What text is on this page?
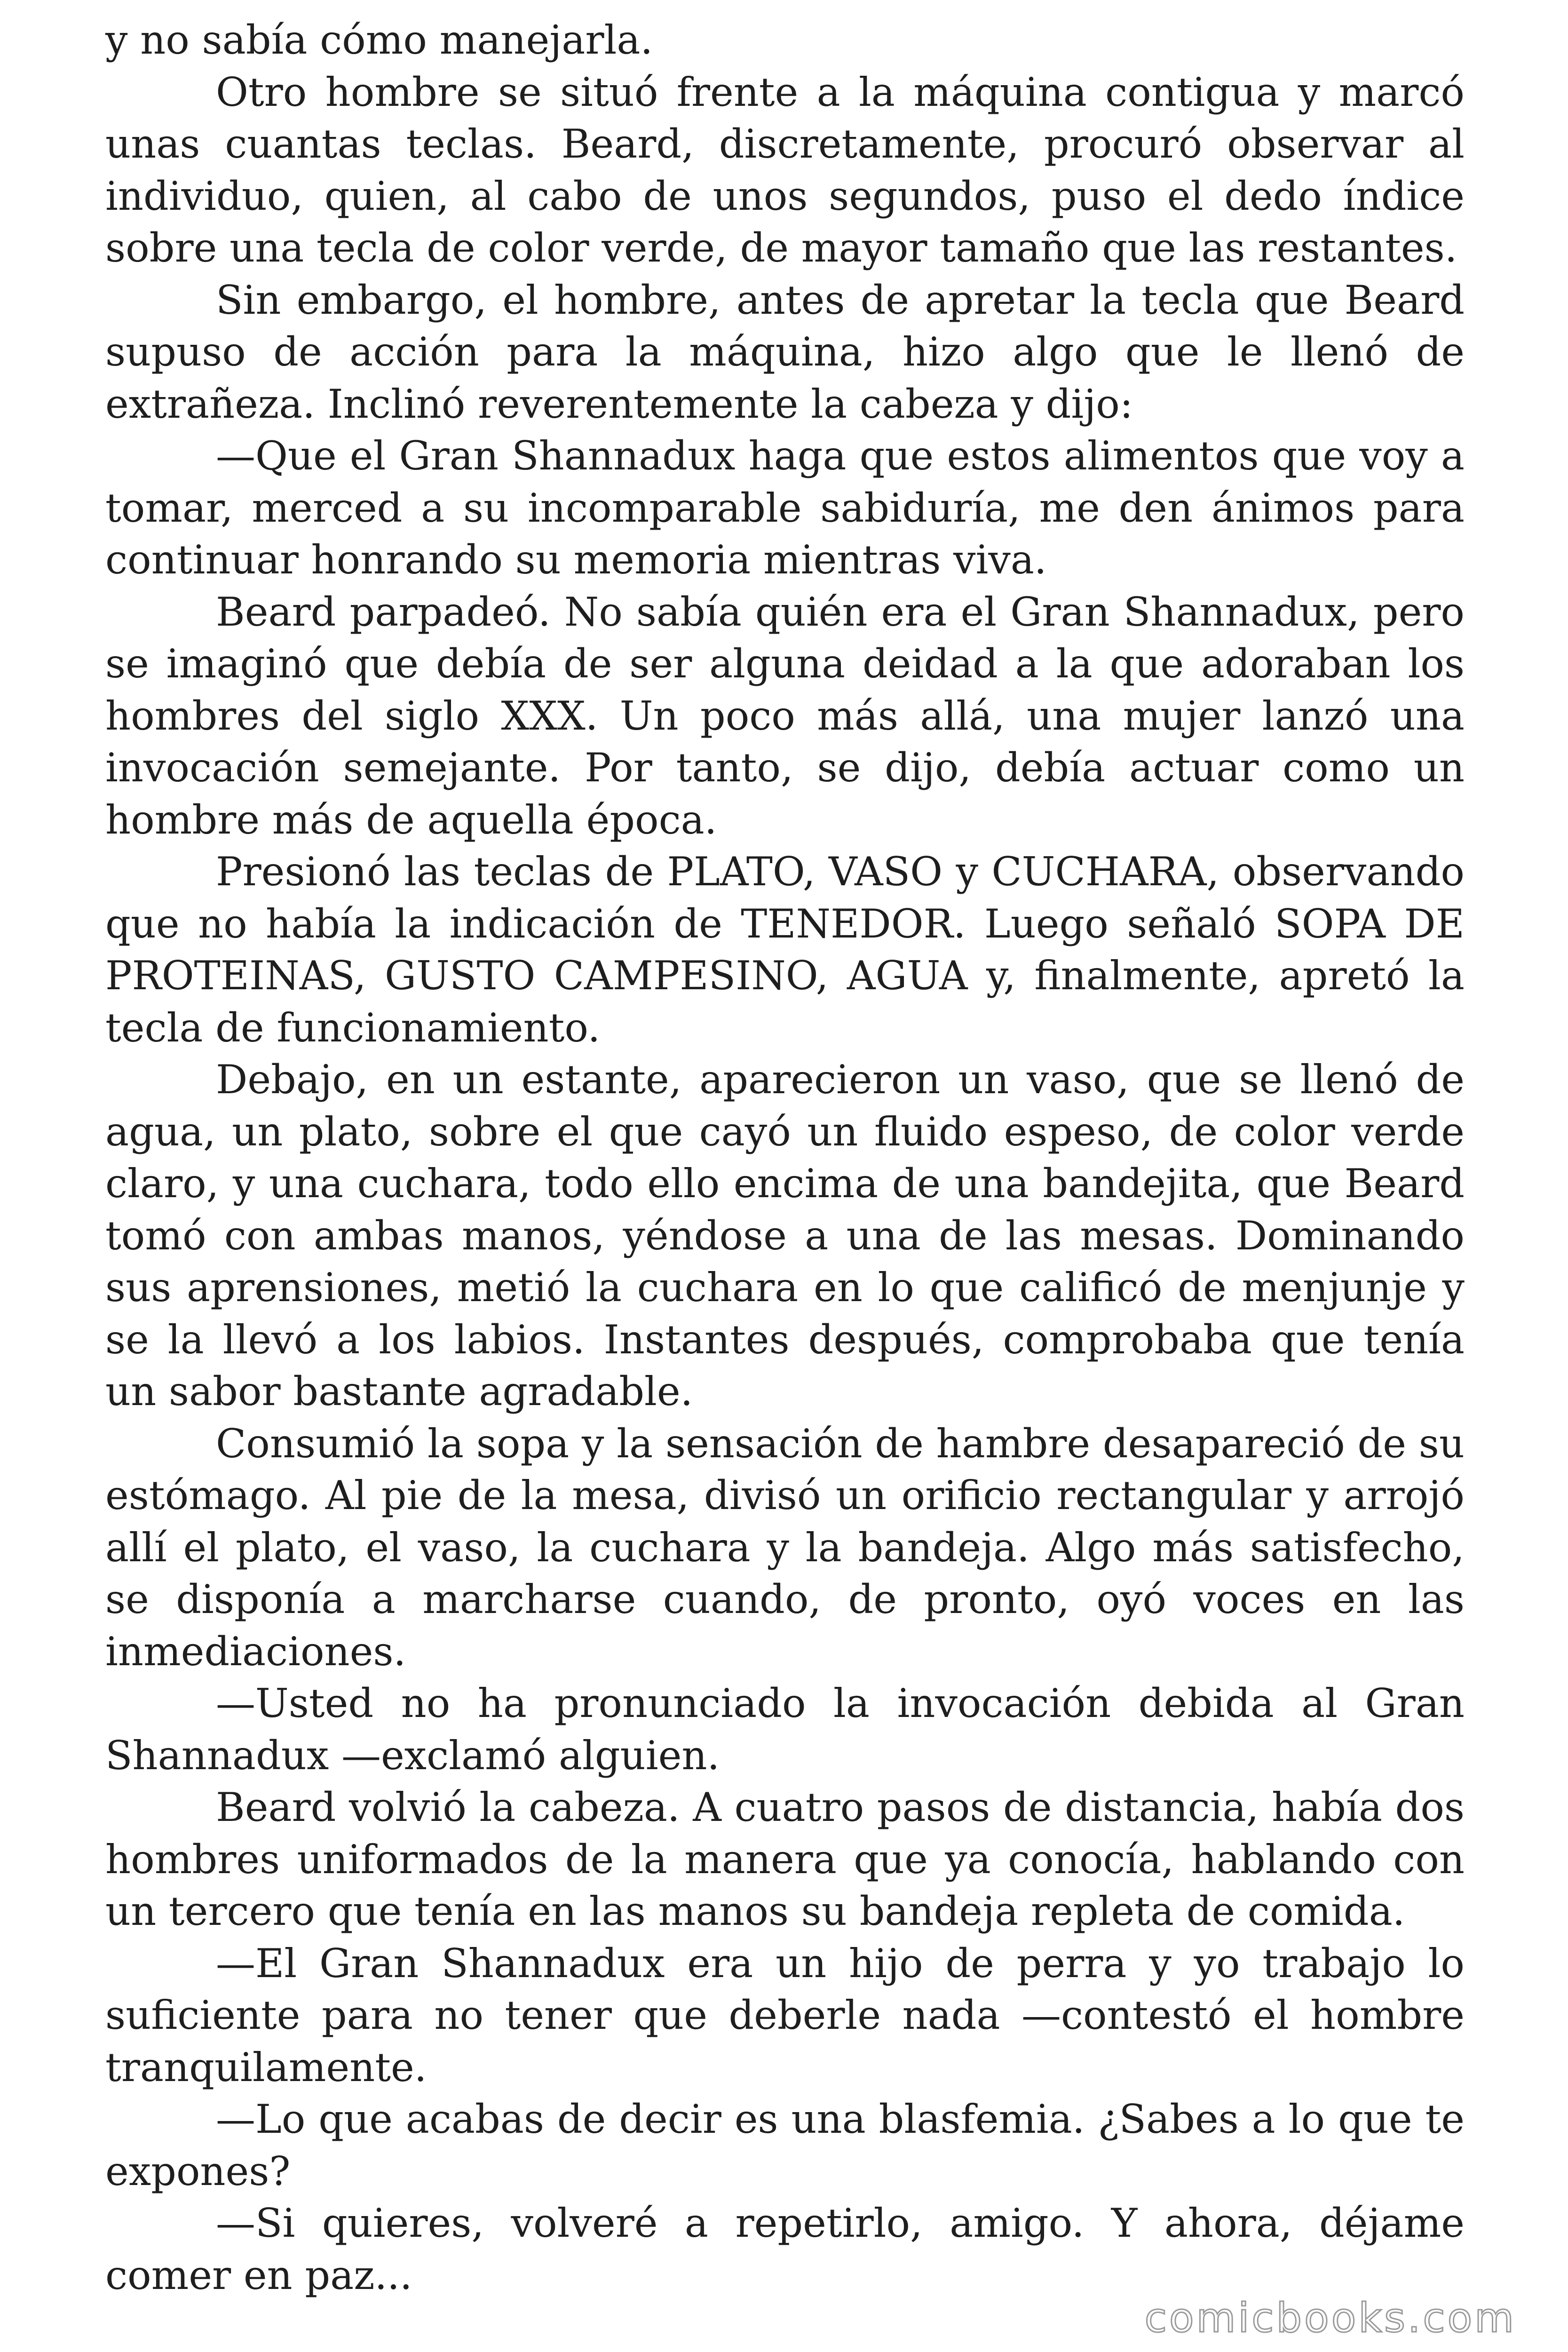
y no sabía cómo manejarla.

Otro hombre se situó frente a la máquina contigua y marcó unas cuantas teclas. Beard, discretamente, procuró observar al individuo, quien, al cabo de unos segundos, puso el dedo índice sobre una tecla de color verde, de mayor tamaño que las restantes.

Sin embargo, el hombre, antes de apretar la tecla que Beard supuso de acción para la máquina, hizo algo que le llenó de extrañeza. Inclinó reverentemente la cabeza y dijo:

—Que el Gran Shannadux haga que estos alimentos que voy a tomar, merced a su incomparable sabiduría, me den ánimos para continuar honrando su memoria mientras viva.

Beard parpadeó. No sabía quién era el Gran Shannadux, pero se imaginó que debía de ser alguna deidad a la que adoraban los hombres del siglo XXX. Un poco más allá, una mujer lanzó una invocación semejante. Por tanto, se dijo, debía actuar como un hombre más de aquella época.

Presionó las teclas de PLATO, VASO y CUCHARA, observando que no había la indicación de TENEDOR. Luego señaló SOPA DE PROTEINAS, GUSTO CAMPESINO, AGUA y, finalmente, apretó la tecla de funcionamiento.

Debajo, en un estante, aparecieron un vaso, que se llenó de agua, un plato, sobre el que cayó un fluido espeso, de color verde claro, y una cuchara, todo ello encima de una bandejita, que Beard tomó con ambas manos, yéndose a una de las mesas. Dominando sus aprensiones, metió la cuchara en lo que calificó de menjunje y se la llevó a los labios. Instantes después, comprobaba que tenía un sabor bastante agradable.

Consumió la sopa y la sensación de hambre desapareció de su estómago. Al pie de la mesa, divisó un orificio rectangular y arrojó allí el plato, el vaso, la cuchara y la bandeja. Algo más satisfecho, se disponía a marcharse cuando, de pronto, oyó voces en las inmediaciones.

—Usted no ha pronunciado la invocación debida al Gran Shannadux —exclamó alguien.

Beard volvió la cabeza. A cuatro pasos de distancia, había dos hombres uniformados de la manera que ya conocía, hablando con un tercero que tenía en las manos su bandeja repleta de comida.

—El Gran Shannadux era un hijo de perra y yo trabajo lo suficiente para no tener que deberle nada —contestó el hombre tranquilamente.

—Lo que acabas de decir es una blasfemia. ¿Sabes a lo que te expones?

—Si quieres, volveré a repetirlo, amigo. Y ahora, déjame comer en paz...

comicbooks.com
